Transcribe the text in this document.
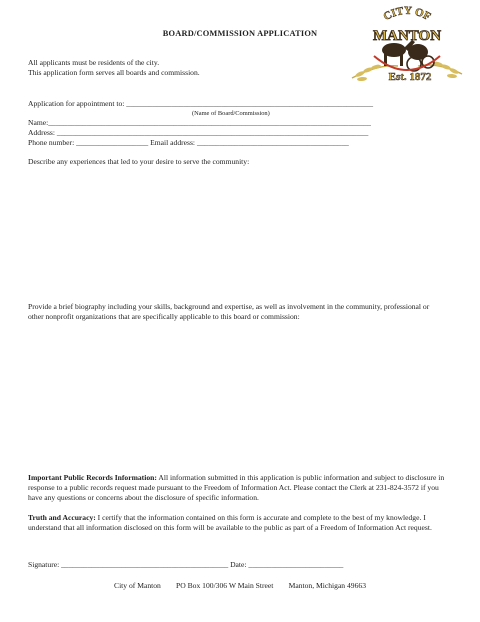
BOARD/COMMISSION APPLICATION
CITY OF
MANTON
Est. 1872
All applicants must be residents of the city.
This application form serves all boards and commission.
Application for appointment to: _________________________________________________________________
(Name of Board/Commission)
Name:_____________________________________________________________________________________
Address: __________________________________________________________________________________
Phone number: ___________________ Email address: ________________________________________
Describe any experiences that led to your desire to serve the community:
Provide a brief biography including your skills, background and expertise, as well as involvement in the community, professional or other nonprofit organizations that are specifically applicable to this board or commission:
Important Public Records Information: All information submitted in this application is public information and subject to disclosure in response to a public records request made pursuant to the Freedom of Information Act. Please contact the Clerk at 231-824-3572 if you have any questions or concerns about the disclosure of specific information.
Truth and Accuracy: I certify that the information contained on this form is accurate and complete to the best of my knowledge. I understand that all information disclosed on this form will be available to the public as part of a Freedom of Information Act request.
Signature: ____________________________________________ Date: _________________________
City of Manton        PO Box 100/306 W Main Street        Manton, Michigan 49663
